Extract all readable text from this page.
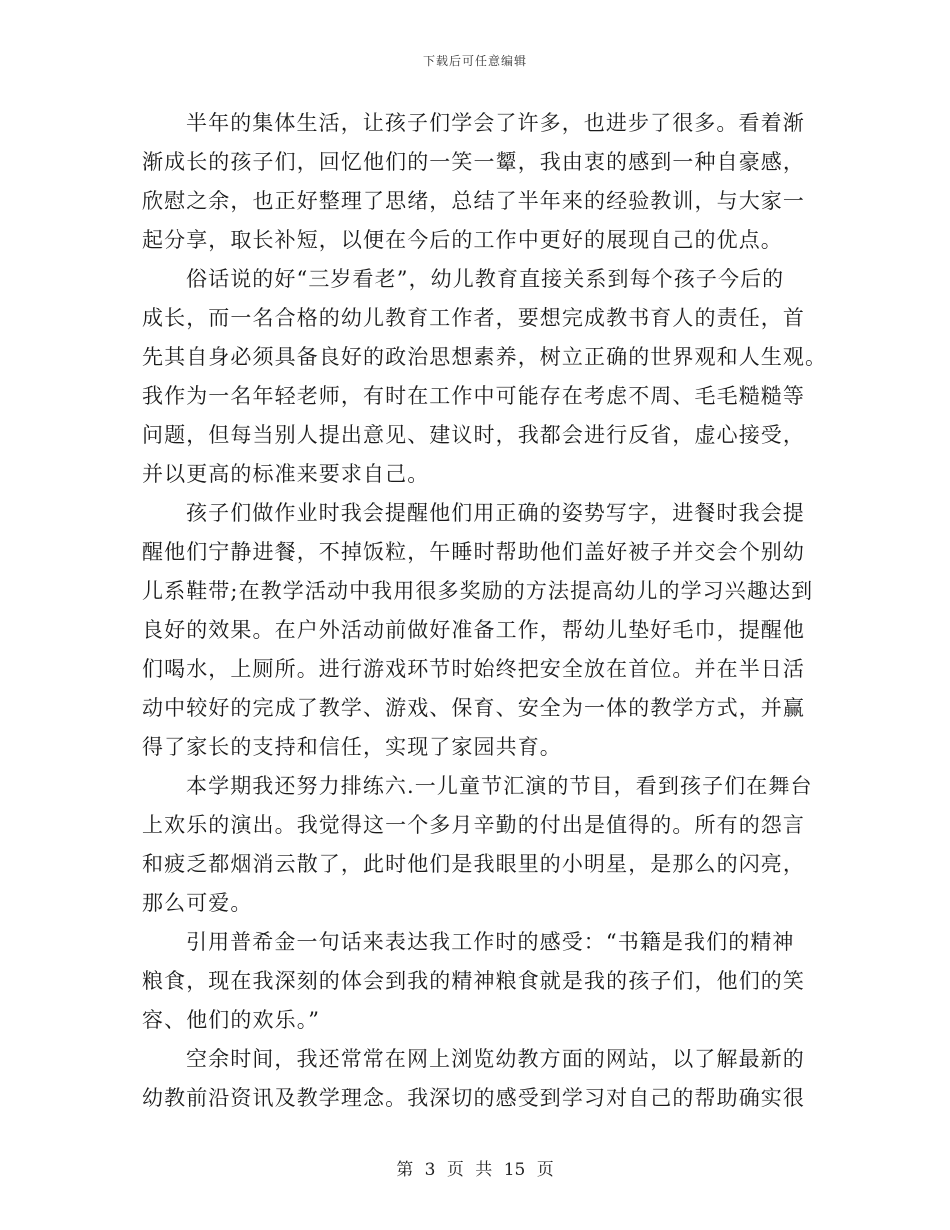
下载后可任意编辑
半年的集体生活，让孩子们学会了许多，也进步了很多。看着渐
渐成长的孩子们，回忆他们的一笑一颦，我由衷的感到一种自豪感，
欣慰之余，也正好整理了思绪，总结了半年来的经验教训，与大家一
起分享，取长补短，以便在今后的工作中更好的展现自己的优点。
俗话说的好“三岁看老”，幼儿教育直接关系到每个孩子今后的
成长，而一名合格的幼儿教育工作者，要想完成教书育人的责任，首
先其自身必须具备良好的政治思想素养，树立正确的世界观和人生观。
我作为一名年轻老师，有时在工作中可能存在考虑不周、毛毛糙糙等
问题，但每当别人提出意见、建议时，我都会进行反省，虚心接受，
并以更高的标准来要求自己。
孩子们做作业时我会提醒他们用正确的姿势写字，进餐时我会提
醒他们宁静进餐，不掉饭粒，午睡时帮助他们盖好被子并交会个别幼
儿系鞋带;在教学活动中我用很多奖励的方法提高幼儿的学习兴趣达到
良好的效果。在户外活动前做好准备工作，帮幼儿垫好毛巾，提醒他
们喝水，上厕所。进行游戏环节时始终把安全放在首位。并在半日活
动中较好的完成了教学、游戏、保育、安全为一体的教学方式，并赢
得了家长的支持和信任，实现了家园共育。
本学期我还努力排练六.一儿童节汇演的节目，看到孩子们在舞台
上欢乐的演出。我觉得这一个多月辛勤的付出是值得的。所有的怨言
和疲乏都烟消云散了，此时他们是我眼里的小明星，是那么的闪亮，
那么可爱。
引用普希金一句话来表达我工作时的感受：“书籍是我们的精神
粮食，现在我深刻的体会到我的精神粮食就是我的孩子们，他们的笑
容、他们的欢乐。”
空余时间，我还常常在网上浏览幼教方面的网站，以了解最新的
幼教前沿资讯及教学理念。我深切的感受到学习对自己的帮助确实很
第 3 页 共 15 页
